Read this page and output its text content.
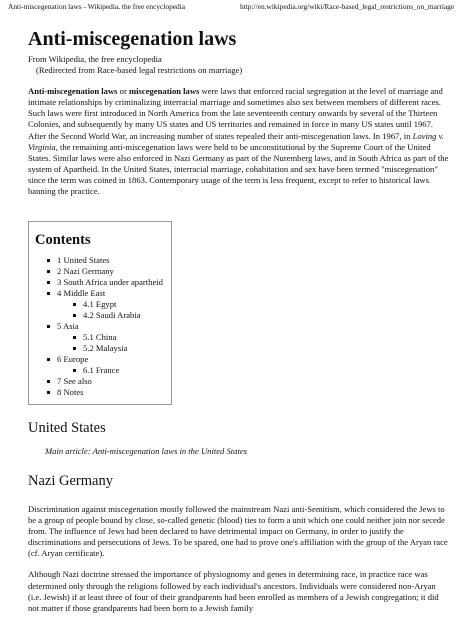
Anti-miscegenation laws - Wikipedia, the free encyclopedia	http://en.wikipedia.org/wiki/Race-based_legal_restrictions_on_marriage
Anti-miscegenation laws
From Wikipedia, the free encyclopedia
( Redirected from Race-based legal restrictions on marriage )

Anti-miscegenation laws or miscegenation laws were laws that enforced racial segregation at the level of marriage and intimate relationships by criminalizing interracial marriage and sometimes also sex between members of different races. Such laws were first introduced in North America from the late seventeenth century onwards by several of the Thirteen Colonies, and subsequently by many US states and US territories and remained in force in many US states until 1967. After the Second World War, an increasing number of states repealed their anti-miscegenation laws. In 1967, in Loving v. Virginia, the remaining anti-miscegenation laws were held to be unconstitutional by the Supreme Court of the United States. Similar laws were also enforced in Nazi Germany as part of the Nuremberg laws, and in South Africa as part of the system of Apartheid. In the United States, interracial marriage, cohabitation and sex have been termed "miscegenation" since the term was coined in 1863. Contemporary usage of the term is less frequent, except to refer to historical laws banning the practice.

Contents
1 United States
2 Nazi Germany
3 South Africa under apartheid
4 Middle East
4.1 Egypt
4.2 Saudi Arabia
5 Asia
5.1 China
5.2 Malaysia
6 Europe
6.1 France
7 See also
8 Notes
United States
Main article: Anti-miscegenation laws in the United States
Nazi Germany

Discrimination against miscegenation mostly followed the mainstream Nazi anti-Semitism, which considered the Jews to be a group of people bound by close, so-called genetic (blood) ties to form a unit which one could neither join nor secede from. The influence of Jews had been declared to have detrimental impact on Germany, in order to justify the discriminations and persecutions of Jews. To be spared, one had to prove one's affiliation with the group of the Aryan race (cf. Aryan certificate).

Although Nazi doctrine stressed the importance of physiognomy and genes in determining race, in practice race was determined only through the religions followed by each individual's ancestors. Individuals were considered non-Aryan (i.e. Jewish) if at least three of four of their grandparents had been enrolled as members of a Jewish congregation; it did not matter if those grandparents had been born to a Jewish family
